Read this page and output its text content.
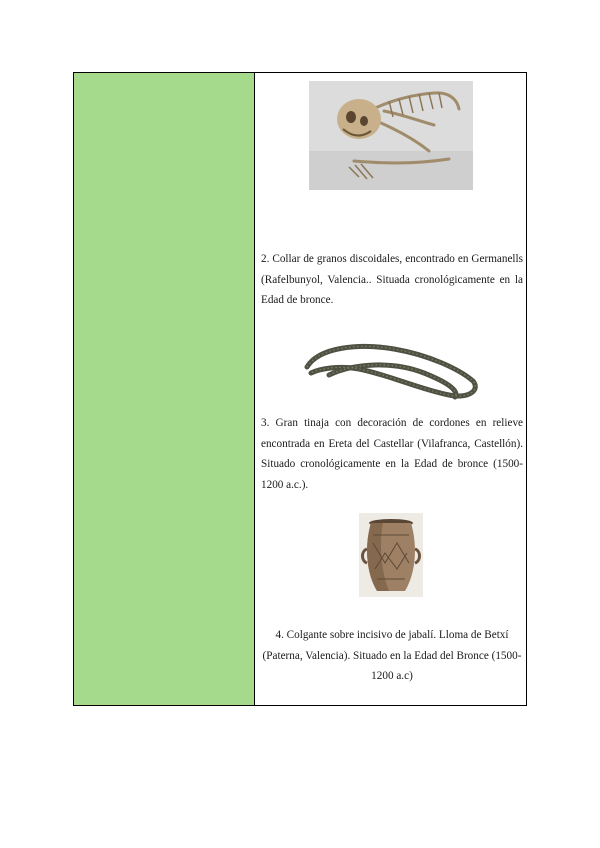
2. Collar de granos discoidales, encontrado en Germanells (Rafelbunyol, Valencia.. Situada cronológicamente en la Edad de bronce.

3. Gran tinaja con decoración de cordones en relieve encontrada en Ereta del Castellar (Vilafranca, Castellón). Situado cronológicamente en la Edad de bronce (1500-1200 a.c.).

4. Colgante sobre incisivo de jabalí. Lloma de Betxí (Paterna, Valencia). Situado en la Edad del Bronce (1500- 1200 a.c)
